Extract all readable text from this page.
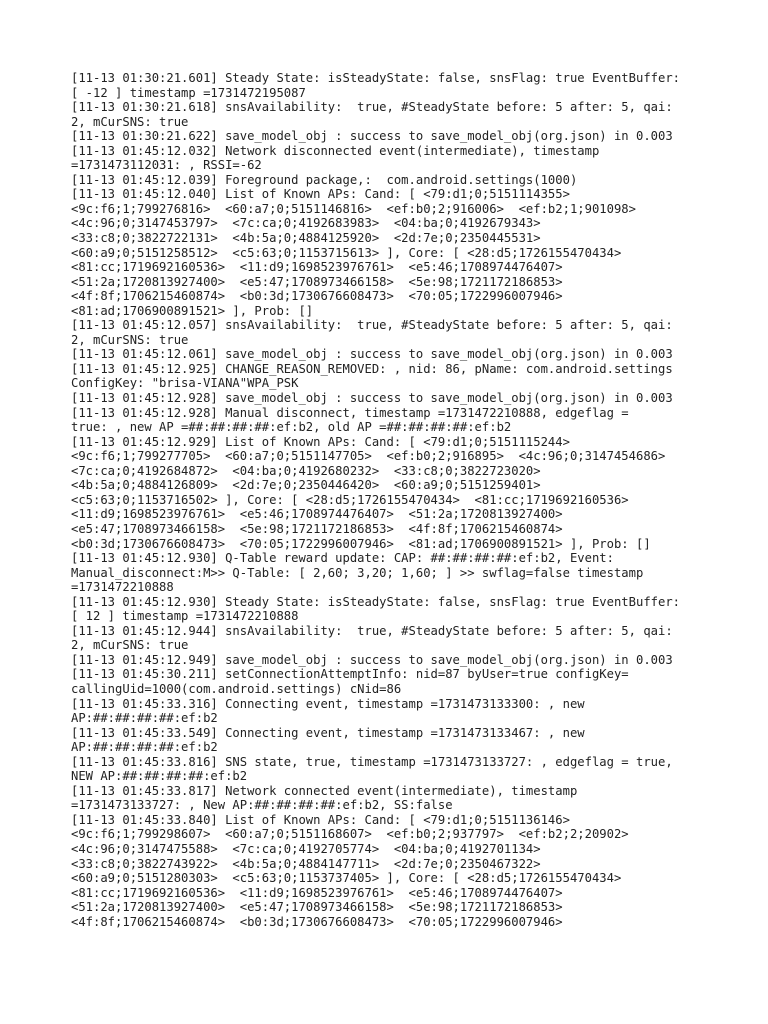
[11-13 01:30:21.601] Steady State: isSteadyState: false, snsFlag: true EventBuffer:
[ -12 ] timestamp =1731472195087
[11-13 01:30:21.618] snsAvailability:  true, #SteadyState before: 5 after: 5, qai:
2, mCurSNS: true
[11-13 01:30:21.622] save_model_obj : success to save_model_obj(org.json) in 0.003
[11-13 01:45:12.032] Network disconnected event(intermediate), timestamp
=1731473112031: , RSSI=-62
[11-13 01:45:12.039] Foreground package,:  com.android.settings(1000)
[11-13 01:45:12.040] List of Known APs: Cand: [ <79:d1;0;5151114355>
<9c:f6;1;799276816>  <60:a7;0;5151146816>  <ef:b0;2;916006>  <ef:b2;1;901098>
<4c:96;0;3147453797>  <7c:ca;0;4192683983>  <04:ba;0;4192679343>
<33:c8;0;3822722131>  <4b:5a;0;4884125920>  <2d:7e;0;2350445531>
<60:a9;0;5151258512>  <c5:63;0;1153715613> ], Core: [ <28:d5;1726155470434>
<81:cc;1719692160536>  <11:d9;1698523976761>  <e5:46;1708974476407>
<51:2a;1720813927400>  <e5:47;1708973466158>  <5e:98;1721172186853>
<4f:8f;1706215460874>  <b0:3d;1730676608473>  <70:05;1722996007946>
<81:ad;1706900891521> ], Prob: []
[11-13 01:45:12.057] snsAvailability:  true, #SteadyState before: 5 after: 5, qai:
2, mCurSNS: true
[11-13 01:45:12.061] save_model_obj : success to save_model_obj(org.json) in 0.003
[11-13 01:45:12.925] CHANGE_REASON_REMOVED: , nid: 86, pName: com.android.settings
ConfigKey: "brisa-VIANA"WPA_PSK
[11-13 01:45:12.928] save_model_obj : success to save_model_obj(org.json) in 0.003
[11-13 01:45:12.928] Manual disconnect, timestamp =1731472210888, edgeflag =
true: , new AP =##:##:##:##:ef:b2, old AP =##:##:##:##:ef:b2
[11-13 01:45:12.929] List of Known APs: Cand: [ <79:d1;0;5151115244>
<9c:f6;1;799277705>  <60:a7;0;5151147705>  <ef:b0;2;916895>  <4c:96;0;3147454686>
<7c:ca;0;4192684872>  <04:ba;0;4192680232>  <33:c8;0;3822723020>
<4b:5a;0;4884126809>  <2d:7e;0;2350446420>  <60:a9;0;5151259401>
<c5:63;0;1153716502> ], Core: [ <28:d5;1726155470434>  <81:cc;1719692160536>
<11:d9;1698523976761>  <e5:46;1708974476407>  <51:2a;1720813927400>
<e5:47;1708973466158>  <5e:98;1721172186853>  <4f:8f;1706215460874>
<b0:3d;1730676608473>  <70:05;1722996007946>  <81:ad;1706900891521> ], Prob: []
[11-13 01:45:12.930] Q-Table reward update: CAP: ##:##:##:##:ef:b2, Event:
Manual_disconnect:M>> Q-Table: [ 2,60; 3,20; 1,60; ] >> swflag=false timestamp
=1731472210888
[11-13 01:45:12.930] Steady State: isSteadyState: false, snsFlag: true EventBuffer:
[ 12 ] timestamp =1731472210888
[11-13 01:45:12.944] snsAvailability:  true, #SteadyState before: 5 after: 5, qai:
2, mCurSNS: true
[11-13 01:45:12.949] save_model_obj : success to save_model_obj(org.json) in 0.003
[11-13 01:45:30.211] setConnectionAttemptInfo: nid=87 byUser=true configKey=
callingUid=1000(com.android.settings) cNid=86
[11-13 01:45:33.316] Connecting event, timestamp =1731473133300: , new
AP:##:##:##:##:ef:b2
[11-13 01:45:33.549] Connecting event, timestamp =1731473133467: , new
AP:##:##:##:##:ef:b2
[11-13 01:45:33.816] SNS state, true, timestamp =1731473133727: , edgeflag = true,
NEW AP:##:##:##:##:ef:b2
[11-13 01:45:33.817] Network connected event(intermediate), timestamp
=1731473133727: , New AP:##:##:##:##:ef:b2, SS:false
[11-13 01:45:33.840] List of Known APs: Cand: [ <79:d1;0;5151136146>
<9c:f6;1;799298607>  <60:a7;0;5151168607>  <ef:b0;2;937797>  <ef:b2;2;20902>
<4c:96;0;3147475588>  <7c:ca;0;4192705774>  <04:ba;0;4192701134>
<33:c8;0;3822743922>  <4b:5a;0;4884147711>  <2d:7e;0;2350467322>
<60:a9;0;5151280303>  <c5:63;0;1153737405> ], Core: [ <28:d5;1726155470434>
<81:cc;1719692160536>  <11:d9;1698523976761>  <e5:46;1708974476407>
<51:2a;1720813927400>  <e5:47;1708973466158>  <5e:98;1721172186853>
<4f:8f;1706215460874>  <b0:3d;1730676608473>  <70:05;1722996007946>
